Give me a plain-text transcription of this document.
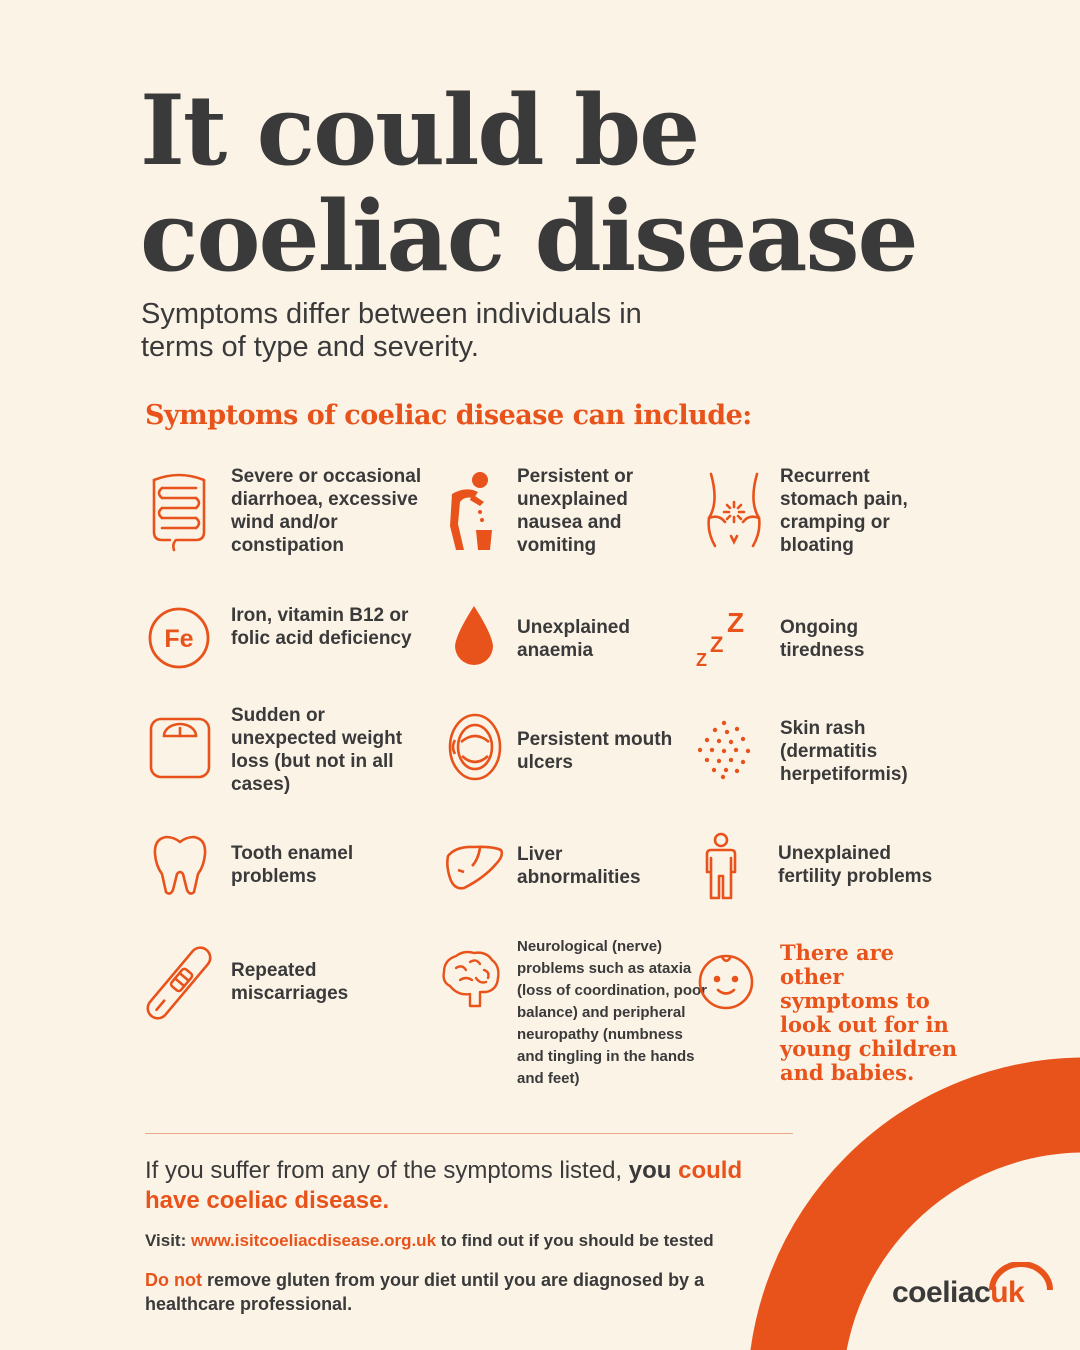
It could be
coeliac disease

Symptoms differ between individuals in terms of type and severity.

Symptoms of coeliac disease can include:
Severe or occasional diarrhoea, excessive wind and/or constipation
Persistent or unexplained nausea and vomiting
Recurrent stomach pain, cramping or bloating
Fe
Iron, vitamin B12 or folic acid deficiency
Unexplained anaemia	Z
Z
Z Ongoing tiredness
Sudden or unexpected weight loss (but not in all cases)
Persistent mouth ulcers
Skin rash (dermatitis herpetiformis)
Tooth enamel problems
Liver abnormalities
Unexplained fertility problems
Repeated miscarriages
Neurological (nerve) problems such as ataxia (loss of coordination, poor balance) and peripheral neuropathy (numbness and tingling in the hands and feet)
There are other symptoms to look out for in young children and babies.
If you suffer from any of the symptoms listed, you could have coeliac disease.
Visit: www.isitcoeliacdisease.org.uk to find out if you should be tested
Do not remove gluten from your diet until you are diagnosed by a healthcare professional.	coeliacuk
